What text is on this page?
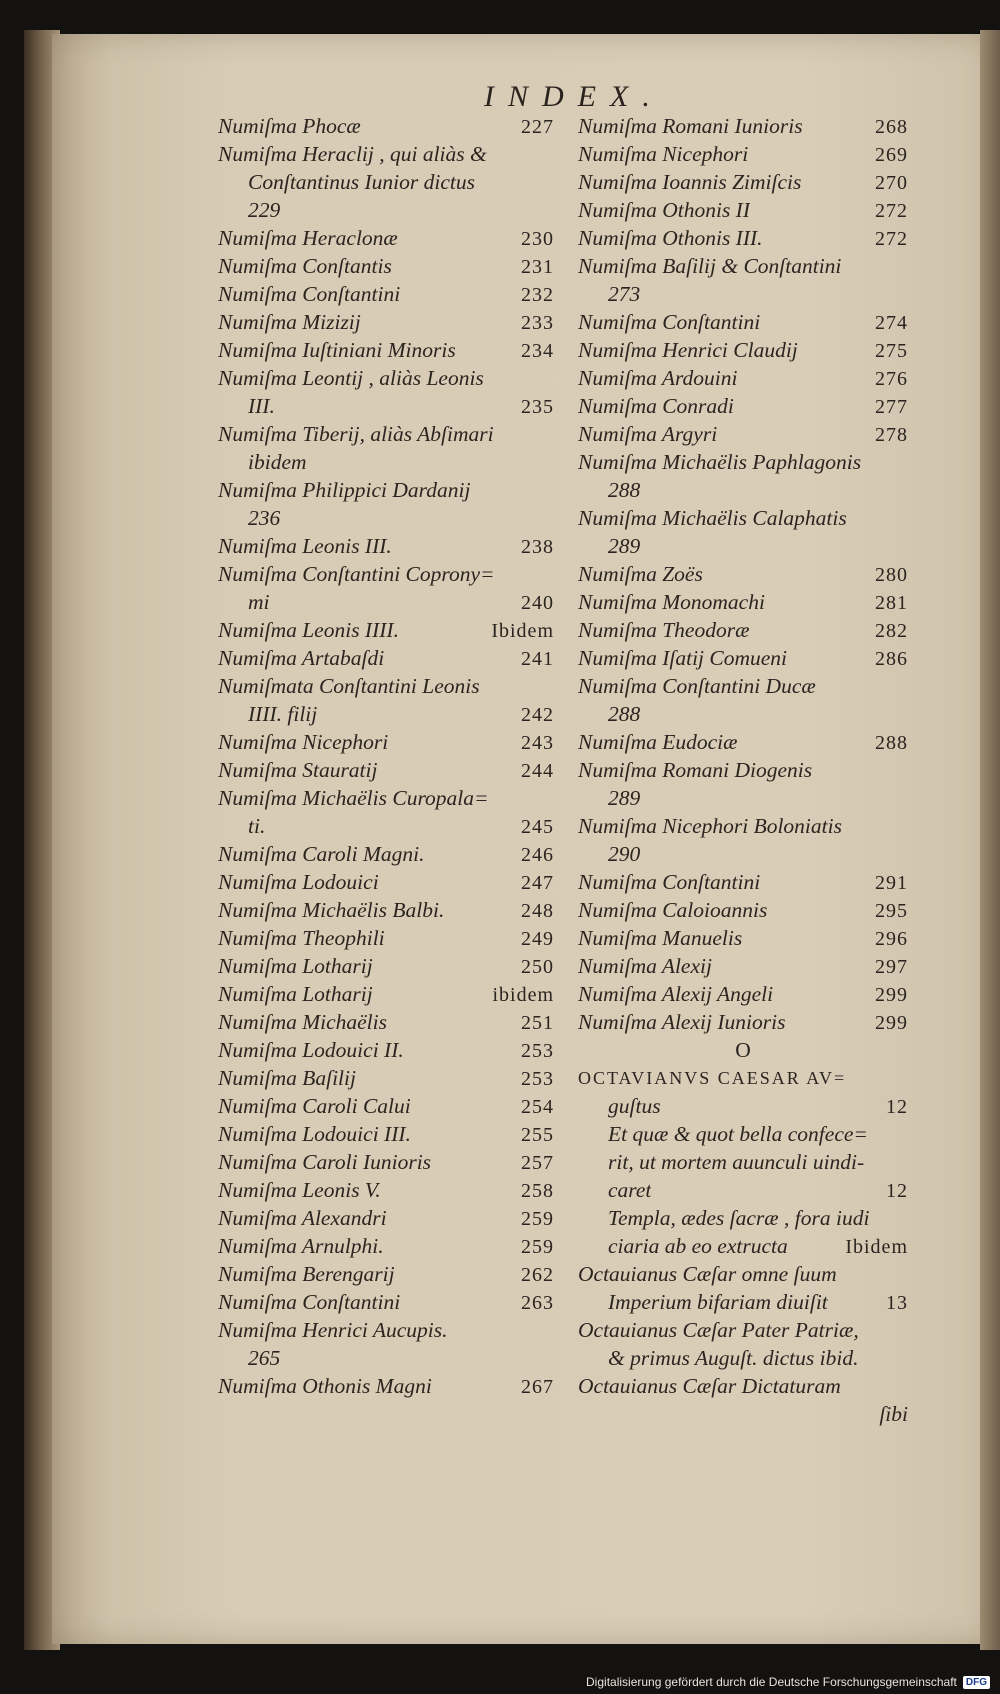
INDEX.
Numiſma Phocæ	227
Numiſma Heraclij , qui aliàs &
Conſtantinus Iunior dictus
229
Numiſma Heraclonæ	230
Numiſma Conſtantis	231
Numiſma Conſtantini	232
Numiſma Mizizij	233
Numiſma Iuſtiniani Minoris	234
Numiſma Leontij , aliàs Leonis
III.	235
Numiſma Tiberij, aliàs Abſimari
ibidem
Numiſma Philippici Dardanij
236
Numiſma Leonis III.	238
Numiſma Conſtantini Coprony=
mi	240
Numiſma Leonis IIII.	Ibidem
Numiſma Artabaſdi	241
Numiſmata Conſtantini Leonis
IIII. filij	242
Numiſma Nicephori	243
Numiſma Stauratij	244
Numiſma Michaëlis Curopala=
ti.	245
Numiſma Caroli Magni.	246
Numiſma Lodouici	247
Numiſma Michaëlis Balbi.	248
Numiſma Theophili	249
Numiſma Lotharij	250
Numiſma Lotharij	ibidem
Numiſma Michaëlis	251
Numiſma Lodouici II.	253
Numiſma Baſilij	253
Numiſma Caroli Calui	254
Numiſma Lodouici III.	255
Numiſma Caroli Iunioris	257
Numiſma Leonis V.	258
Numiſma Alexandri	259
Numiſma Arnulphi.	259
Numiſma Berengarij	262
Numiſma Conſtantini	263
Numiſma Henrici Aucupis.
265
Numiſma Othonis Magni	267
Numiſma Romani Iunioris	268
Numiſma Nicephori	269
Numiſma Ioannis Zimiſcis	270
Numiſma Othonis II	272
Numiſma Othonis III.	272
Numiſma Baſilij & Conſtantini
273
Numiſma Conſtantini	274
Numiſma Henrici Claudij	275
Numiſma Ardouini	276
Numiſma Conradi	277
Numiſma Argyri	278
Numiſma Michaëlis Paphlagonis
288
Numiſma Michaëlis Calaphatis
289
Numiſma Zoës	280
Numiſma Monomachi	281
Numiſma Theodoræ	282
Numiſma Iſatij Comueni	286
Numiſma Conſtantini Ducæ
288
Numiſma Eudociæ	288
Numiſma Romani Diogenis
289
Numiſma Nicephori Boloniatis
290
Numiſma Conſtantini	291
Numiſma Caloioannis	295
Numiſma Manuelis	296
Numiſma Alexij	297
Numiſma Alexij Angeli	299
Numiſma Alexij Iunioris	299
O
OCTAVIANVS CAESAR AV=
guſtus	12
Et quæ & quot bella confece=
rit, ut mortem auunculi uindi-
caret	12
Templa, ædes ſacræ , fora iudi
ciaria ab eo extructa	Ibidem
Octauianus Cæſar omne ſuum
Imperium bifariam diuiſit	13
Octauianus Cæſar Pater Patriæ,
& primus Auguſt. dictus ibid.
Octauianus Cæſar Dictaturam
ſibi
Digitalisierung gefördert durch die Deutsche Forschungsgemeinschaft DFG
